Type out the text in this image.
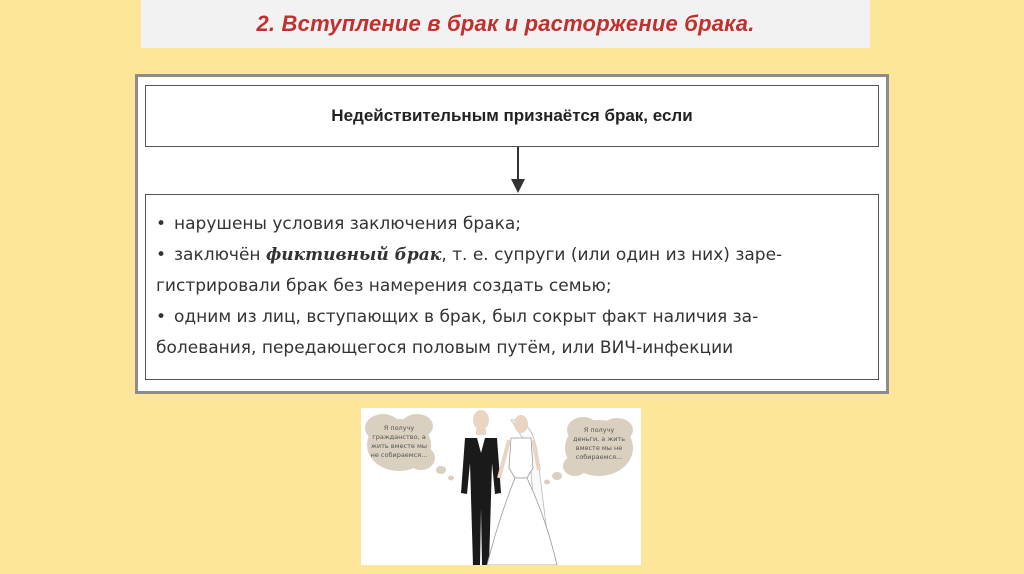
2. Вступление в брак и расторжение брака.
Недействительным признаётся брак, если
• нарушены условия заключения брака;
• заключён фиктивный брак, т. е. супруги (или один из них) заре-
гистрировали брак без намерения создать семью;
• одним из лиц, вступающих в брак, был сокрыт факт наличия за-
болевания, передающегося половым путём, или ВИЧ-инфекции
Я получу
гражданство, а
жить вместе мы
не собираемся...
Я получу
деньги, а жить
вместе мы не
собираемся...
